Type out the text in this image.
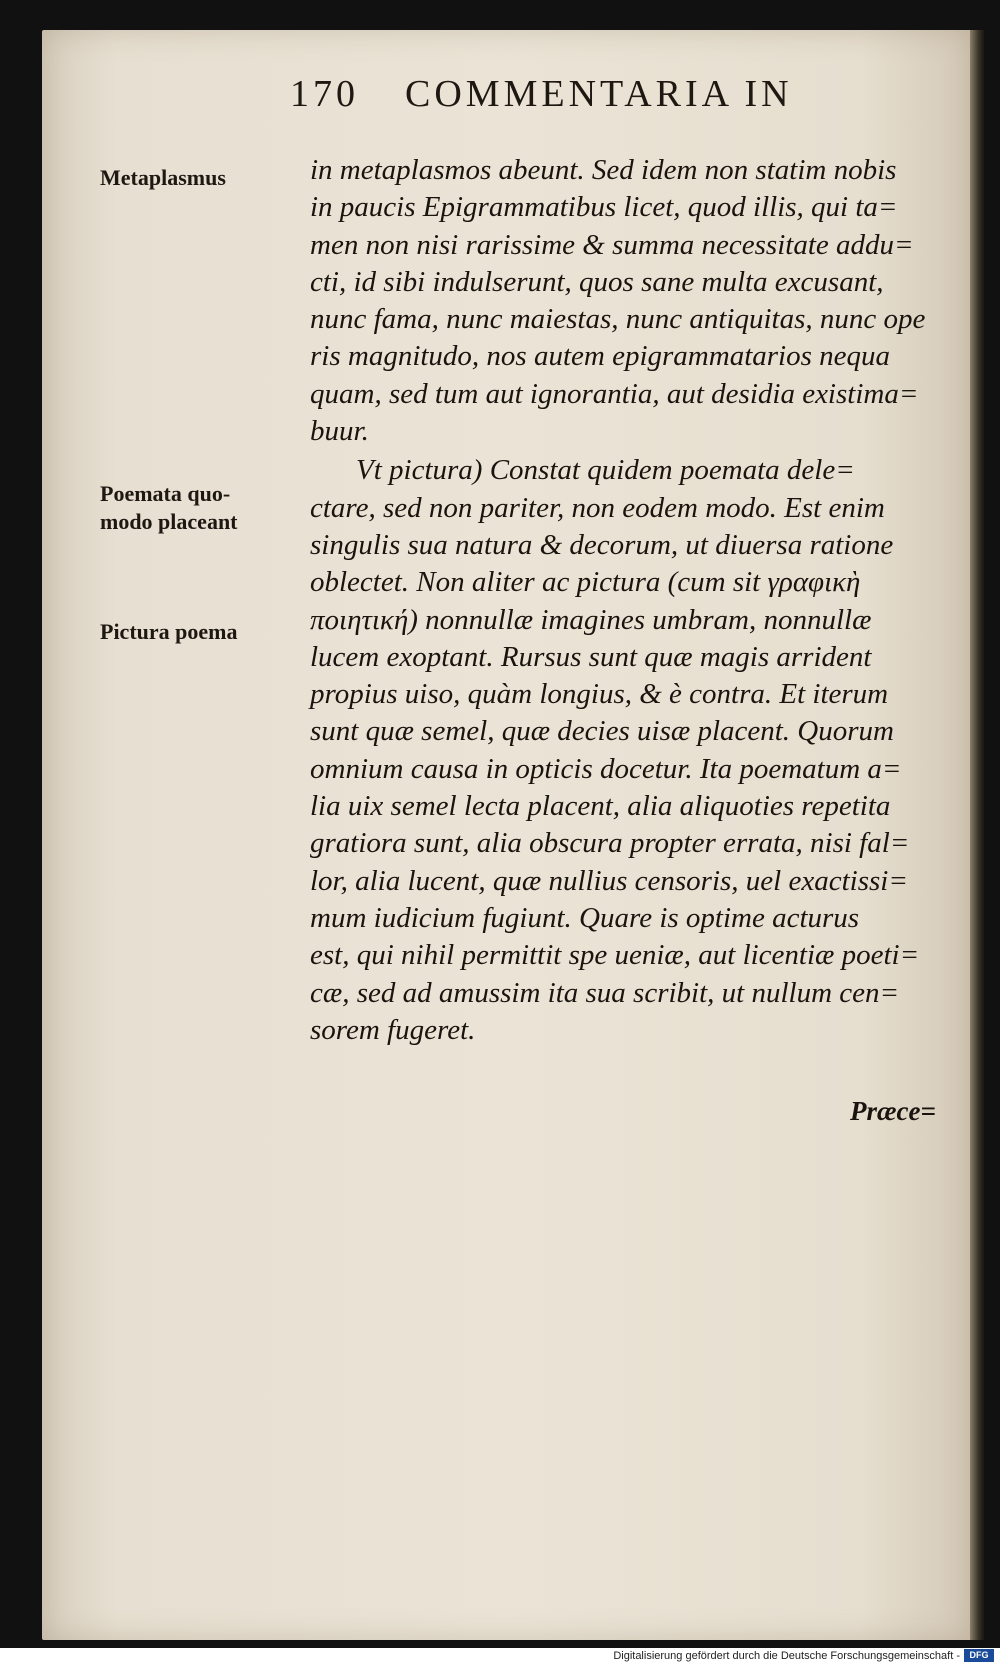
170 COMMENTARIA IN
Metaplasmus
Poemata quo-
modo placeant
Pictura poema
in metaplasmos abeunt. Sed idem non statim nobis
in paucis Epigrammatibus licet, quod illis, qui ta=
men non nisi rarissime & summa necessitate addu=
cti, id sibi indulserunt, quos sane multa excusant,
nunc fama, nunc maiestas, nunc antiquitas, nunc ope
ris magnitudo, nos autem epigrammatarios nequa
quam, sed tum aut ignorantia, aut desidia existima=
buur.
Vt pictura) Constat quidem poemata dele=
ctare, sed non pariter, non eodem modo. Est enim
singulis sua natura & decorum, ut diuersa ratione
oblectet. Non aliter ac pictura (cum sit γραφικὴ
ποιητική) nonnullæ imagines umbram, nonnullæ
lucem exoptant. Rursus sunt quæ magis arrident
propius uiso, quàm longius, & è contra. Et iterum
sunt quæ semel, quæ decies uisæ placent. Quorum
omnium causa in opticis docetur. Ita poematum a=
lia uix semel lecta placent, alia aliquoties repetita
gratiora sunt, alia obscura propter errata, nisi fal=
lor, alia lucent, quæ nullius censoris, uel exactissi=
mum iudicium fugiunt. Quare is optime acturus
est, qui nihil permittit spe ueniæ, aut licentiæ poeti=
cæ, sed ad amussim ita sua scribit, ut nullum cen=
sorem fugeret.
Præce=
Digitalisierung gefördert durch die Deutsche Forschungsgemeinschaft -	DFG
